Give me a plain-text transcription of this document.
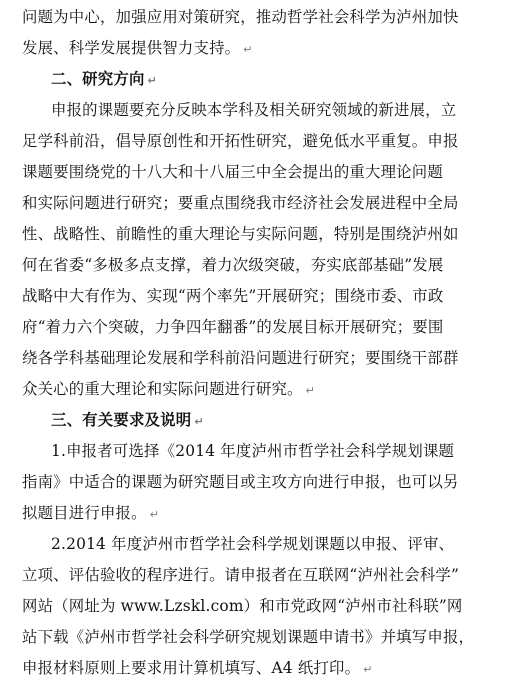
问题为中心，加强应用对策研究，推动哲学社会科学为泸州加快
发展、科学发展提供智力支持。 ↵
二、研究方向 ↵
申报的课题要充分反映本学科及相关研究领域的新进展，立
足学科前沿，倡导原创性和开拓性研究，避免低水平重复。申报
课题要围绕党的十八大和十八届三中全会提出的重大理论问题
和实际问题进行研究；要重点围绕我市经济社会发展进程中全局
性、战略性、前瞻性的重大理论与实际问题，特别是围绕泸州如
何在省委“多极多点支撑，着力次级突破，夯实底部基础”发展
战略中大有作为、实现“两个率先”开展研究；围绕市委、市政
府“着力六个突破，力争四年翻番”的发展目标开展研究；要围
绕各学科基础理论发展和学科前沿问题进行研究；要围绕干部群
众关心的重大理论和实际问题进行研究。 ↵
三、有关要求及说明 ↵
1.申报者可选择《2014 年度泸州市哲学社会科学规划课题
指南》中适合的课题为研究题目或主攻方向进行申报，也可以另
拟题目进行申报。 ↵
2.2014 年度泸州市哲学社会科学规划课题以申报、评审、
立项、评估验收的程序进行。请申报者在互联网“泸州社会科学”
网站（网址为 www.Lzskl.com）和市党政网“泸州市社科联”网
站下载《泸州市哲学社会科学研究规划课题申请书》并填写申报，
申报材料原则上要求用计算机填写、A4 纸打印。 ↵
